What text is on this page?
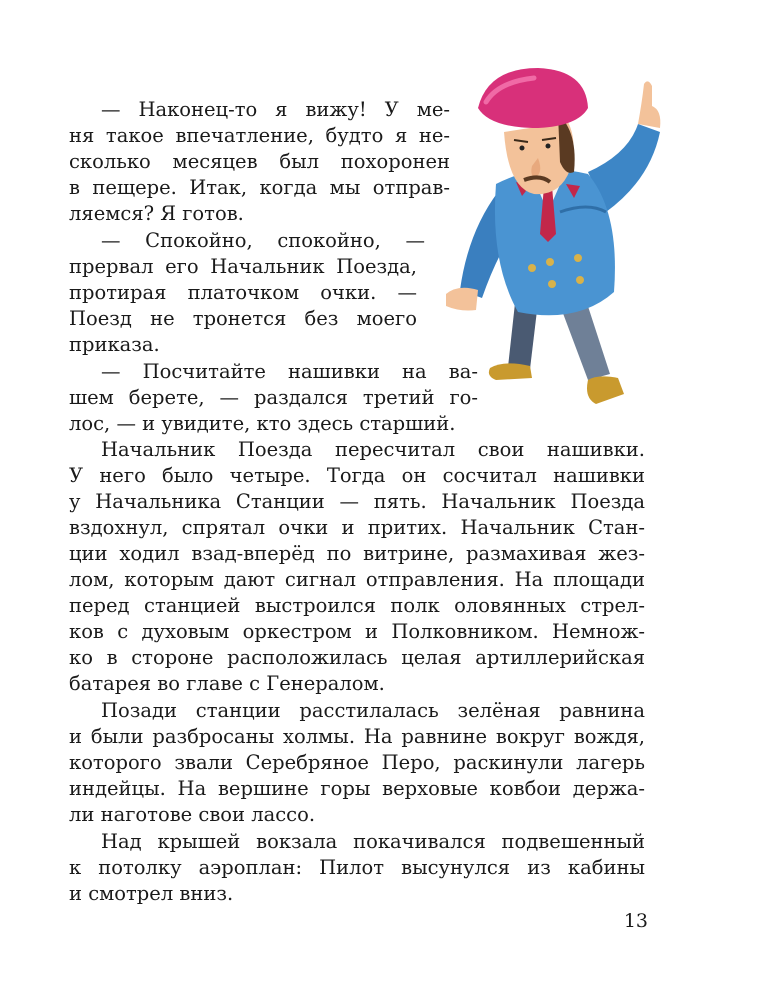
— Наконец-то я вижу! У ме-
ня такое впечатление, будто я не-
сколько месяцев был похоронен
в пещере. Итак, когда мы отправ-
ляемся? Я готов.
— Спокойно, спокойно, —
прервал его Начальник Поезда,
протирая платочком очки. —
Поезд не тронется без моего
приказа.
— Посчитайте нашивки на ва-
шем берете, — раздался третий го-
лос, — и увидите, кто здесь старший.
Начальник Поезда пересчитал свои нашивки.
У него было четыре. Тогда он сосчитал нашивки
у Начальника Станции — пять. Начальник Поезда
вздохнул, спрятал очки и притих. Начальник Стан-
ции ходил взад-вперёд по витрине, размахивая жез-
лом, которым дают сигнал отправления. На площади
перед станцией выстроился полк оловянных стрел-
ков с духовым оркестром и Полковником. Немнож-
ко в стороне расположилась целая артиллерийская
батарея во главе с Генералом.
Позади станции расстилалась зелёная равнина
и были разбросаны холмы. На равнине вокруг вождя,
которого звали Серебряное Перо, раскинули лагерь
индейцы. На вершине горы верховые ковбои держа-
ли наготове свои лассо.
Над крышей вокзала покачивался подвешенный
к потолку аэроплан: Пилот высунулся из кабины
и смотрел вниз.
13
